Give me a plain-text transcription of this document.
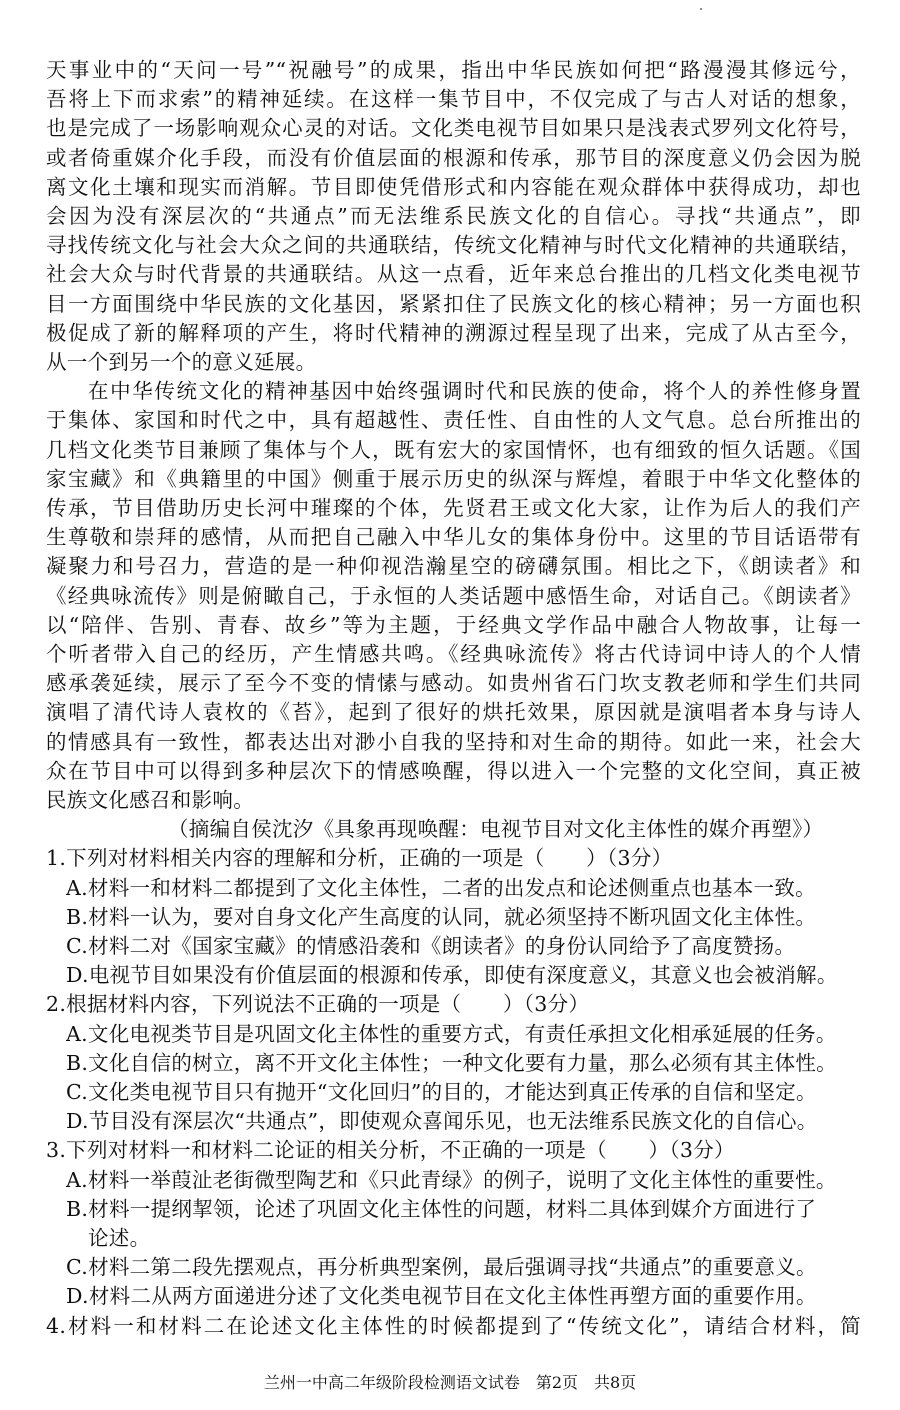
天事业中的“天问一号”“祝融号”的成果，指出中华民族如何把“路漫漫其修远兮，
吾将上下而求索”的精神延续。在这样一集节目中，不仅完成了与古人对话的想象，
也是完成了一场影响观众心灵的对话。文化类电视节目如果只是浅表式罗列文化符号，
或者倚重媒介化手段，而没有价值层面的根源和传承，那节目的深度意义仍会因为脱
离文化土壤和现实而消解。节目即使凭借形式和内容能在观众群体中获得成功，却也
会因为没有深层次的“共通点”而无法维系民族文化的自信心。寻找“共通点”，即
寻找传统文化与社会大众之间的共通联结，传统文化精神与时代文化精神的共通联结，
社会大众与时代背景的共通联结。从这一点看，近年来总台推出的几档文化类电视节
目一方面围绕中华民族的文化基因，紧紧扣住了民族文化的核心精神；另一方面也积
极促成了新的解释项的产生，将时代精神的溯源过程呈现了出来，完成了从古至今，
从一个到另一个的意义延展。
在中华传统文化的精神基因中始终强调时代和民族的使命，将个人的养性修身置
于集体、家国和时代之中，具有超越性、责任性、自由性的人文气息。总台所推出的
几档文化类节目兼顾了集体与个人，既有宏大的家国情怀，也有细致的恒久话题。《国
家宝藏》和《典籍里的中国》侧重于展示历史的纵深与辉煌，着眼于中华文化整体的
传承，节目借助历史长河中璀璨的个体，先贤君王或文化大家，让作为后人的我们产
生尊敬和崇拜的感情，从而把自己融入中华儿女的集体身份中。这里的节目话语带有
凝聚力和号召力，营造的是一种仰视浩瀚星空的磅礴氛围。相比之下，《朗读者》和
《经典咏流传》则是俯瞰自己，于永恒的人类话题中感悟生命，对话自己。《朗读者》
以“陪伴、告别、青春、故乡”等为主题，于经典文学作品中融合人物故事，让每一
个听者带入自己的经历，产生情感共鸣。《经典咏流传》将古代诗词中诗人的个人情
感承袭延续，展示了至今不变的情愫与感动。如贵州省石门坎支教老师和学生们共同
演唱了清代诗人袁枚的《苔》，起到了很好的烘托效果，原因就是演唱者本身与诗人
的情感具有一致性，都表达出对渺小自我的坚持和对生命的期待。如此一来，社会大
众在节目中可以得到多种层次下的情感唤醒，得以进入一个完整的文化空间，真正被
民族文化感召和影响。
（摘编自侯沈汐《具象再现唤醒：电视节目对文化主体性的媒介再塑》）
1.下列对材料相关内容的理解和分析，正确的一项是（　　）（3分）
A.材料一和材料二都提到了文化主体性，二者的出发点和论述侧重点也基本一致。
B.材料一认为，要对自身文化产生高度的认同，就必须坚持不断巩固文化主体性。
C.材料二对《国家宝藏》的情感沿袭和《朗读者》的身份认同给予了高度赞扬。
D.电视节目如果没有价值层面的根源和传承，即使有深度意义，其意义也会被消解。
2.根据材料内容，下列说法不正确的一项是（　　）（3分）
A.文化电视类节目是巩固文化主体性的重要方式，有责任承担文化相承延展的任务。
B.文化自信的树立，离不开文化主体性；一种文化要有力量，那么必须有其主体性。
C.文化类电视节目只有抛开“文化回归”的目的，才能达到真正传承的自信和坚定。
D.节目没有深层次“共通点”，即使观众喜闻乐见，也无法维系民族文化的自信心。
3.下列对材料一和材料二论证的相关分析，不正确的一项是（　　）（3分）
A.材料一举葭沚老街微型陶艺和《只此青绿》的例子，说明了文化主体性的重要性。
B.材料一提纲挈领，论述了巩固文化主体性的问题，材料二具体到媒介方面进行了
论述。
C.材料二第二段先摆观点，再分析典型案例，最后强调寻找“共通点”的重要意义。
D.材料二从两方面递进分述了文化类电视节目在文化主体性再塑方面的重要作用。
4.材料一和材料二在论述文化主体性的时候都提到了“传统文化”，请结合材料，简
兰州一中高二年级阶段检测语文试卷　第2页　共8页
